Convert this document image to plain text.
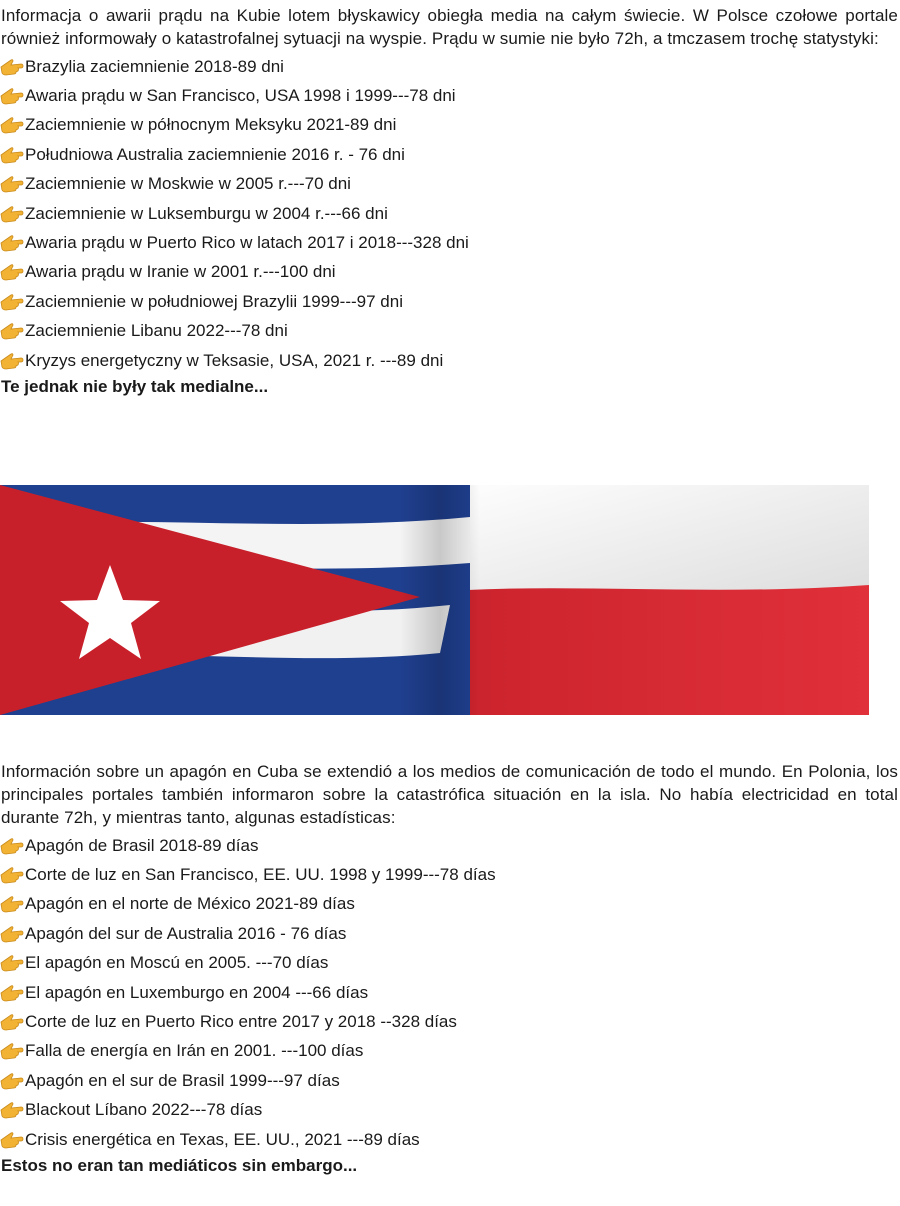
Informacja o awarii prądu na Kubie lotem błyskawicy obiegła media na całym świecie. W Polsce czołowe portale również informowały o katastrofalnej sytuacji na wyspie. Prądu w sumie nie było 72h, a tmczasem trochę statystyki:

Brazylia zaciemnienie 2018-89 dni
Awaria prądu w San Francisco, USA 1998 i 1999---78 dni
Zaciemnienie w północnym Meksyku 2021-89 dni
Południowa Australia zaciemnienie 2016 r. - 76 dni
Zaciemnienie w Moskwie w 2005 r.---70 dni
Zaciemnienie w Luksemburgu w 2004 r.---66 dni
Awaria prądu w Puerto Rico w latach 2017 i 2018---328 dni
Awaria prądu w Iranie w 2001 r.---100 dni
Zaciemnienie w południowej Brazylii 1999---97 dni
Zaciemnienie Libanu 2022---78 dni
Kryzys energetyczny w Teksasie, USA, 2021 r. ---89 dni
Te jednak nie były tak medialne...

Información sobre un apagón en Cuba se extendió a los medios de comunicación de todo el mundo. En Polonia, los principales portales también informaron sobre la catastrófica situación en la isla. No había electricidad en total durante 72h, y mientras tanto, algunas estadísticas:

Apagón de Brasil 2018-89 días
Corte de luz en San Francisco, EE. UU. 1998 y 1999---78 días
Apagón en el norte de México 2021-89 días
Apagón del sur de Australia 2016 - 76 días
El apagón en Moscú en 2005. ---70 días
El apagón en Luxemburgo en 2004 ---66 días
Corte de luz en Puerto Rico entre 2017 y 2018 --328 días
Falla de energía en Irán en 2001. ---100 días
Apagón en el sur de Brasil 1999---97 días
Blackout Líbano 2022---78 días
Crisis energética en Texas, EE. UU., 2021 ---89 días
Estos no eran tan mediáticos sin embargo...
